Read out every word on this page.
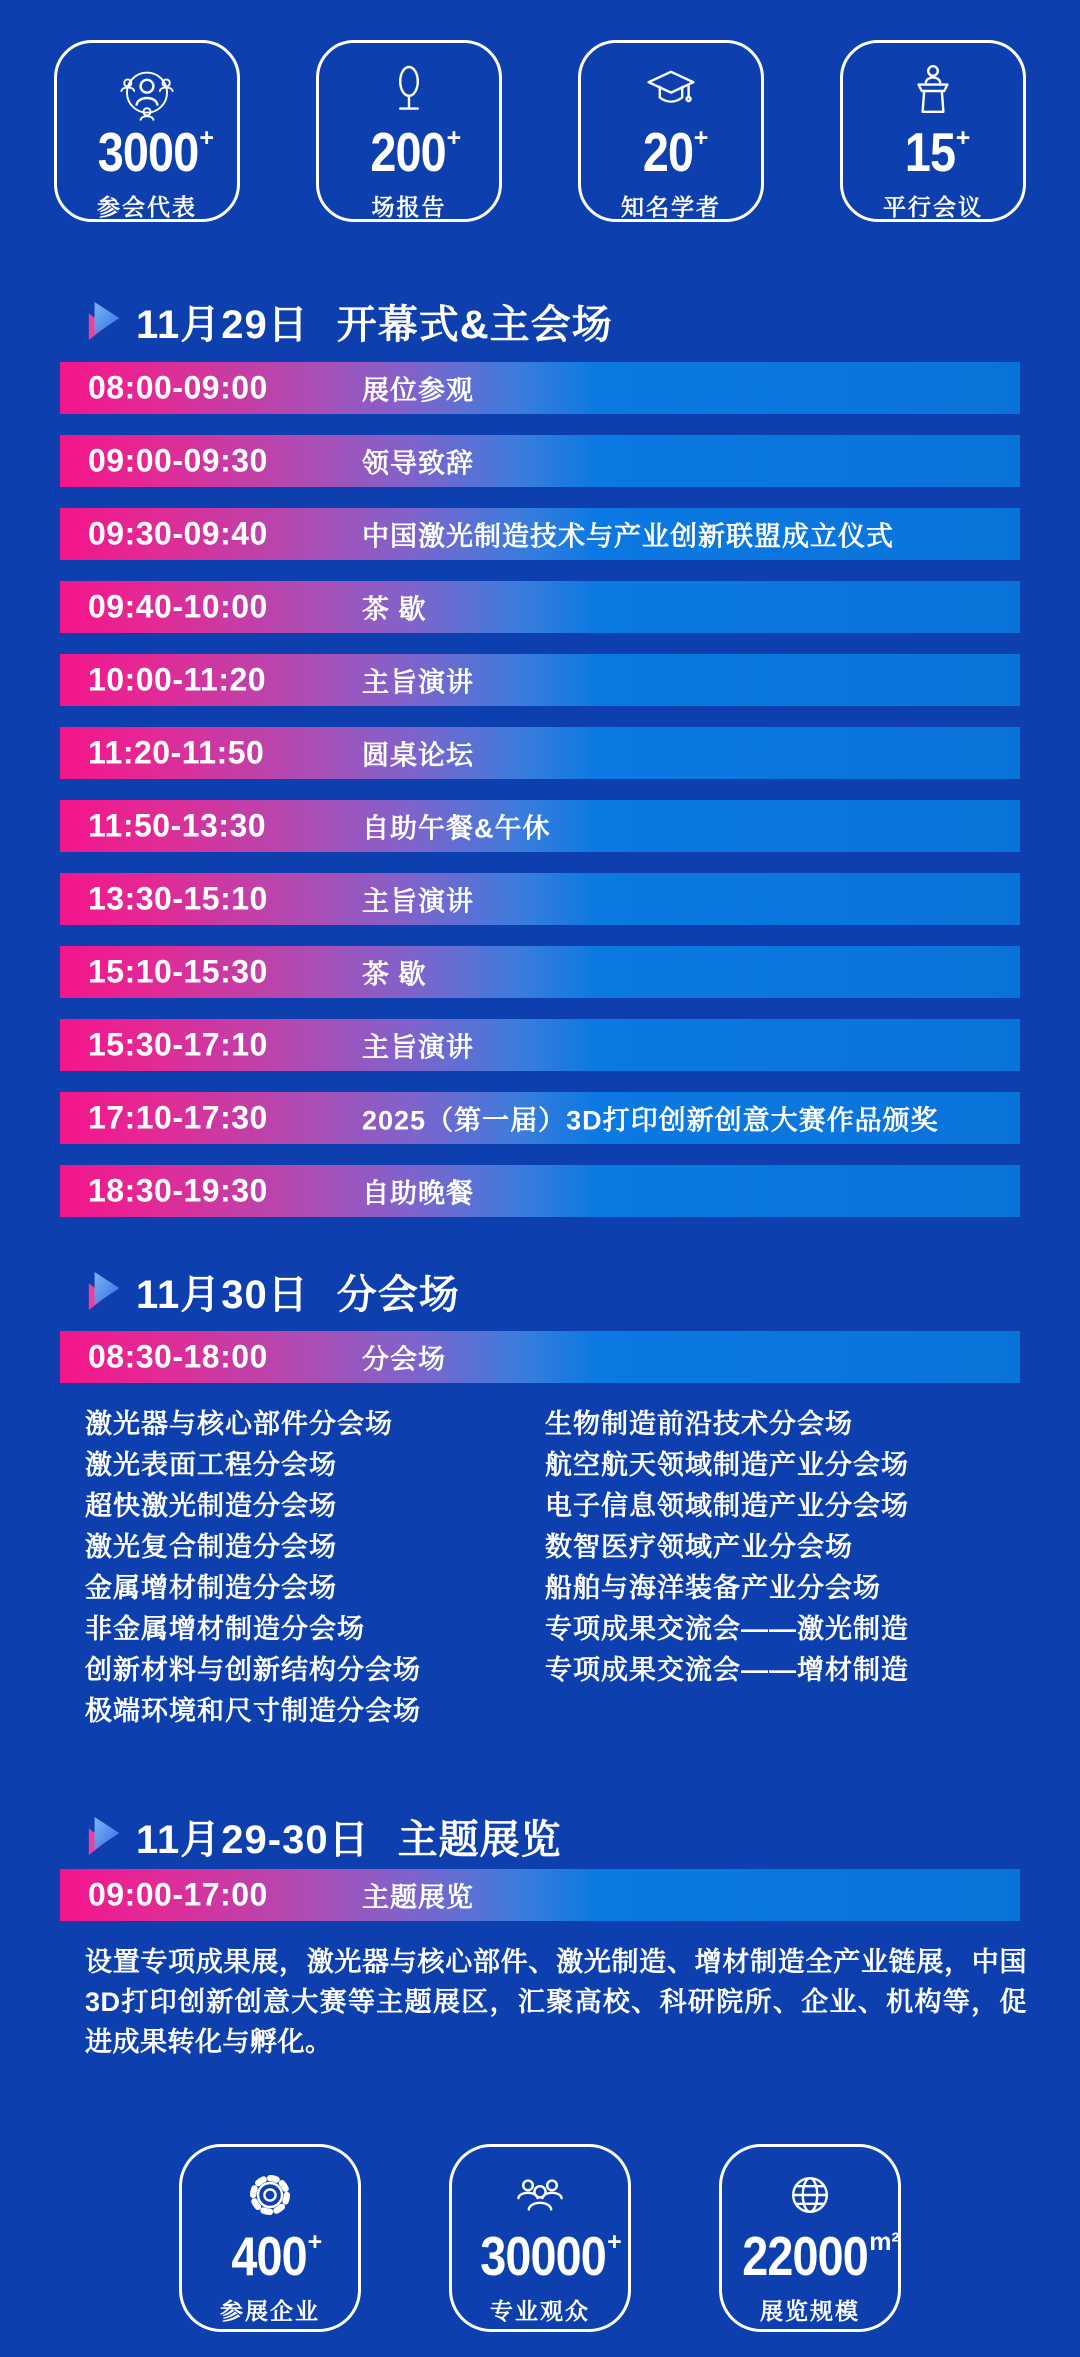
3000 +
参会代表
200 +
场报告
20 +
知名学者
15 +
平行会议
11月29日 开幕式&主会场
08:00-09:00	展位参观
09:00-09:30	领导致辞
09:30-09:40	中国激光制造技术与产业创新联盟成立仪式
09:40-10:00	茶 歇
10:00-11:20	主旨演讲
11:20-11:50	圆桌论坛
11:50-13:30	自助午餐&午休
13:30-15:10	主旨演讲
15:10-15:30	茶 歇
15:30-17:10	主旨演讲
17:10-17:30	2025（第一届）3D打印创新创意大赛作品颁奖
18:30-19:30	自助晚餐
11月30日 分会场
08:30-18:00	分会场
激光器与核心部件分会场
激光表面工程分会场
超快激光制造分会场
激光复合制造分会场
金属增材制造分会场
非金属增材制造分会场
创新材料与创新结构分会场
极端环境和尺寸制造分会场
生物制造前沿技术分会场
航空航天领域制造产业分会场
电子信息领域制造产业分会场
数智医疗领域产业分会场
船舶与海洋装备产业分会场
专项成果交流会——激光制造
专项成果交流会——增材制造
11月29-30日 主题展览
09:00-17:00	主题展览
设置专项成果展，激光器与核心部件、激光制造、增材制造全产业链展，中国3D打印创新创意大赛等主题展区，汇聚高校、科研院所、企业、机构等，促进成果转化与孵化。
400 +
参展企业
30000 +
专业观众
22000 m²
展览规模
